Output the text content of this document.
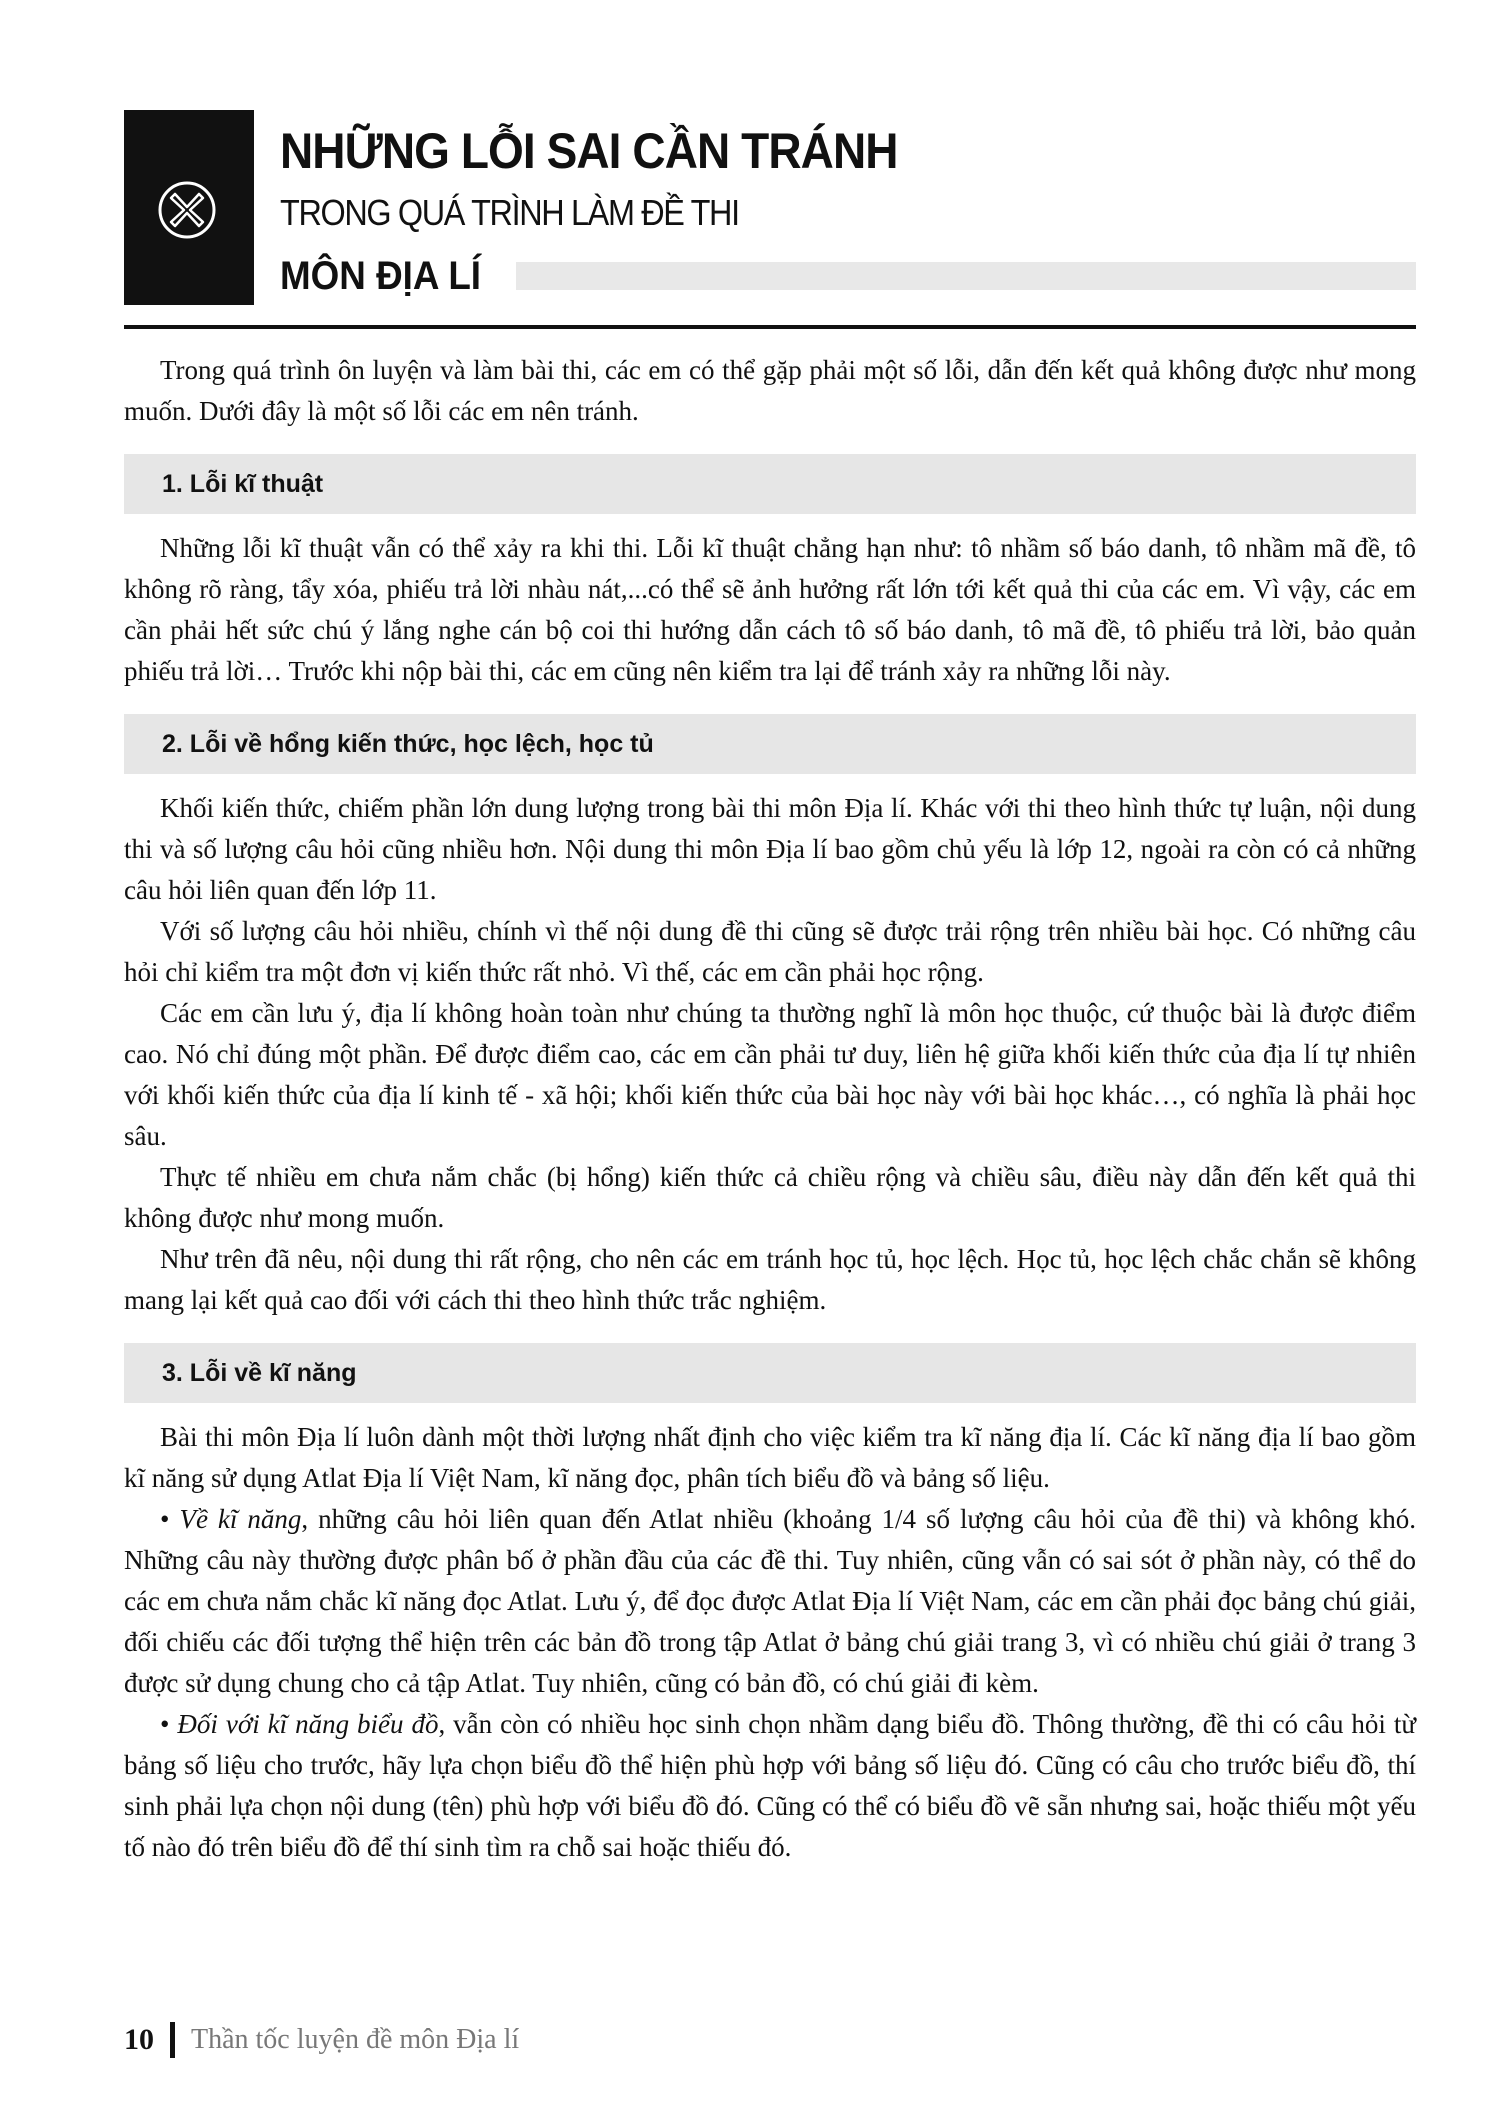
NHỮNG LỖI SAI CẦN TRÁNH
TRONG QUÁ TRÌNH LÀM ĐỀ THI
MÔN ĐỊA LÍ

Trong quá trình ôn luyện và làm bài thi, các em có thể gặp phải một số lỗi, dẫn đến kết quả không được như mong muốn. Dưới đây là một số lỗi các em nên tránh.

1. Lỗi kĩ thuật

Những lỗi kĩ thuật vẫn có thể xảy ra khi thi. Lỗi kĩ thuật chẳng hạn như: tô nhầm số báo danh, tô nhầm mã đề, tô không rõ ràng, tẩy xóa, phiếu trả lời nhàu nát,...có thể sẽ ảnh hưởng rất lớn tới kết quả thi của các em. Vì vậy, các em cần phải hết sức chú ý lắng nghe cán bộ coi thi hướng dẫn cách tô số báo danh, tô mã đề, tô phiếu trả lời, bảo quản phiếu trả lời… Trước khi nộp bài thi, các em cũng nên kiểm tra lại để tránh xảy ra những lỗi này.

2. Lỗi về hổng kiến thức, học lệch, học tủ

Khối kiến thức, chiếm phần lớn dung lượng trong bài thi môn Địa lí. Khác với thi theo hình thức tự luận, nội dung thi và số lượng câu hỏi cũng nhiều hơn. Nội dung thi môn Địa lí bao gồm chủ yếu là lớp 12, ngoài ra còn có cả những câu hỏi liên quan đến lớp 11.

Với số lượng câu hỏi nhiều, chính vì thế nội dung đề thi cũng sẽ được trải rộng trên nhiều bài học. Có những câu hỏi chỉ kiểm tra một đơn vị kiến thức rất nhỏ. Vì thế, các em cần phải học rộng.

Các em cần lưu ý, địa lí không hoàn toàn như chúng ta thường nghĩ là môn học thuộc, cứ thuộc bài là được điểm cao. Nó chỉ đúng một phần. Để được điểm cao, các em cần phải tư duy, liên hệ giữa khối kiến thức của địa lí tự nhiên với khối kiến thức của địa lí kinh tế - xã hội; khối kiến thức của bài học này với bài học khác…, có nghĩa là phải học sâu.

Thực tế nhiều em chưa nắm chắc (bị hổng) kiến thức cả chiều rộng và chiều sâu, điều này dẫn đến kết quả thi không được như mong muốn.

Như trên đã nêu, nội dung thi rất rộng, cho nên các em tránh học tủ, học lệch. Học tủ, học lệch chắc chắn sẽ không mang lại kết quả cao đối với cách thi theo hình thức trắc nghiệm.

3. Lỗi về kĩ năng

Bài thi môn Địa lí luôn dành một thời lượng nhất định cho việc kiểm tra kĩ năng địa lí. Các kĩ năng địa lí bao gồm kĩ năng sử dụng Atlat Địa lí Việt Nam, kĩ năng đọc, phân tích biểu đồ và bảng số liệu.

• Về kĩ năng, những câu hỏi liên quan đến Atlat nhiều (khoảng 1/4 số lượng câu hỏi của đề thi) và không khó. Những câu này thường được phân bố ở phần đầu của các đề thi. Tuy nhiên, cũng vẫn có sai sót ở phần này, có thể do các em chưa nắm chắc kĩ năng đọc Atlat. Lưu ý, để đọc được Atlat Địa lí Việt Nam, các em cần phải đọc bảng chú giải, đối chiếu các đối tượng thể hiện trên các bản đồ trong tập Atlat ở bảng chú giải trang 3, vì có nhiều chú giải ở trang 3 được sử dụng chung cho cả tập Atlat. Tuy nhiên, cũng có bản đồ, có chú giải đi kèm.

• Đối với kĩ năng biểu đồ, vẫn còn có nhiều học sinh chọn nhầm dạng biểu đồ. Thông thường, đề thi có câu hỏi từ bảng số liệu cho trước, hãy lựa chọn biểu đồ thể hiện phù hợp với bảng số liệu đó. Cũng có câu cho trước biểu đồ, thí sinh phải lựa chọn nội dung (tên) phù hợp với biểu đồ đó. Cũng có thể có biểu đồ vẽ sẵn nhưng sai, hoặc thiếu một yếu tố nào đó trên biểu đồ để thí sinh tìm ra chỗ sai hoặc thiếu đó.

10 Thần tốc luyện đề môn Địa lí
